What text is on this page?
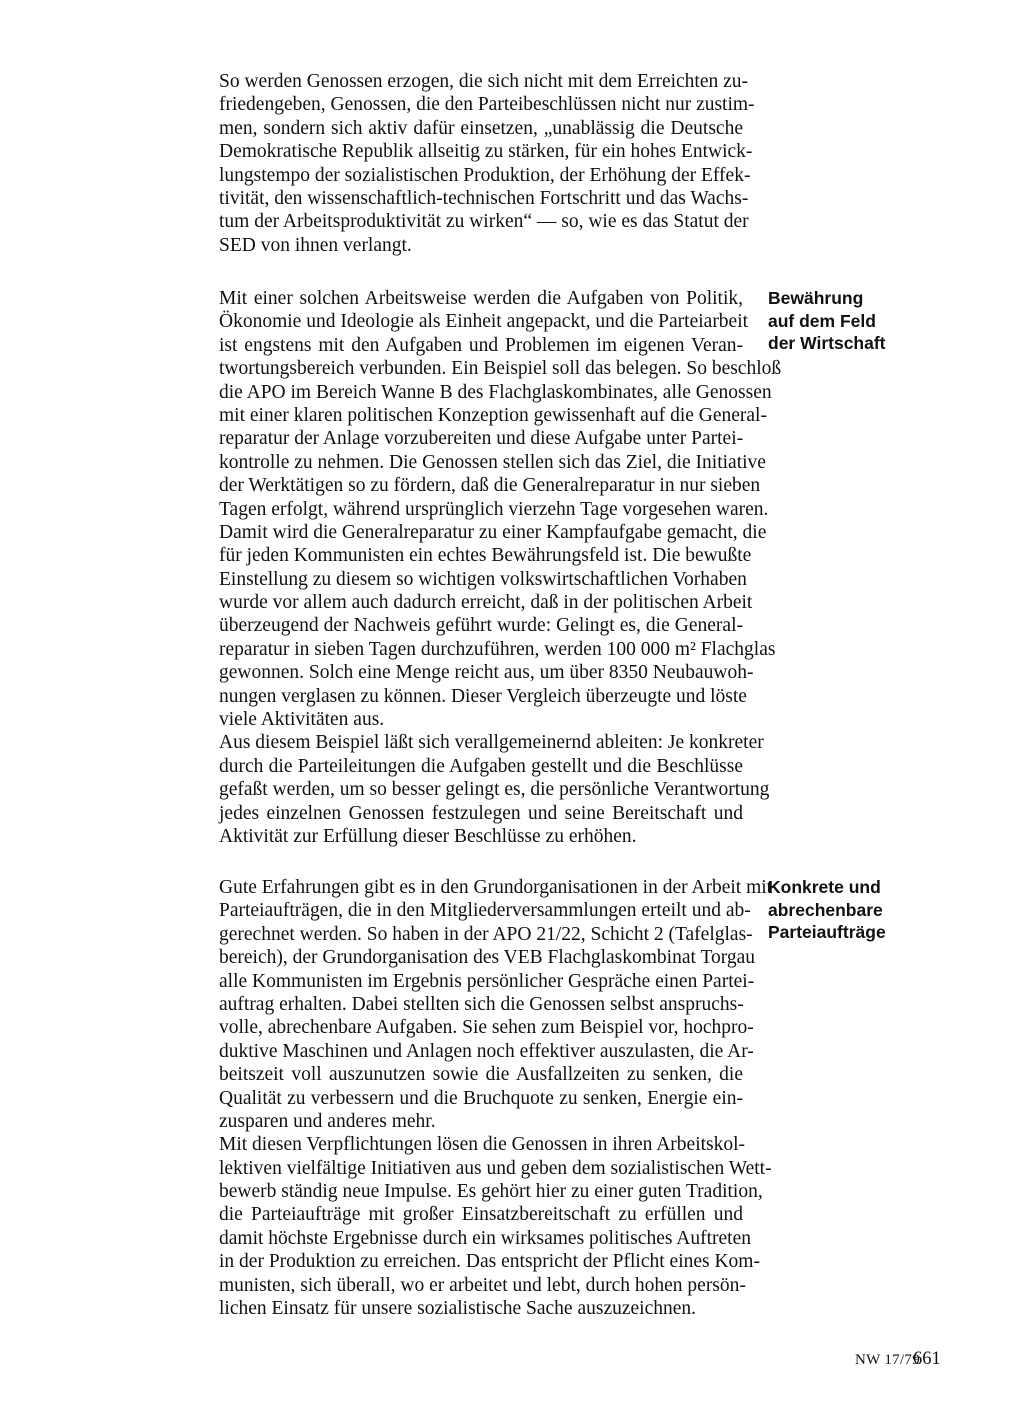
So werden Genossen erzogen, die sich nicht mit dem Erreichten zu-
friedengeben, Genossen, die den Parteibeschlüssen nicht nur zustim-
men, sondern sich aktiv dafür einsetzen, „unablässig die Deutsche
Demokratische Republik allseitig zu stärken, für ein hohes Entwick-
lungstempo der sozialistischen Produktion, der Erhöhung der Effek-
tivität, den wissenschaftlich-technischen Fortschritt und das Wachs-
tum der Arbeitsproduktivität zu wirken“ — so, wie es das Statut der
SED von ihnen verlangt.
Bewährung
auf dem Feld
der Wirtschaft
Mit einer solchen Arbeitsweise werden die Aufgaben von Politik,
Ökonomie und Ideologie als Einheit angepackt, und die Parteiarbeit
ist engstens mit den Aufgaben und Problemen im eigenen Veran-
twortungsbereich verbunden. Ein Beispiel soll das belegen. So beschloß
die APO im Bereich Wanne B des Flachglaskombinates, alle Genossen
mit einer klaren politischen Konzeption gewissenhaft auf die General-
reparatur der Anlage vorzubereiten und diese Aufgabe unter Partei-
kontrolle zu nehmen. Die Genossen stellen sich das Ziel, die Initiative
der Werktätigen so zu fördern, daß die Generalreparatur in nur sieben
Tagen erfolgt, während ursprünglich vierzehn Tage vorgesehen waren.
Damit wird die Generalreparatur zu einer Kampfaufgabe gemacht, die
für jeden Kommunisten ein echtes Bewährungsfeld ist. Die bewußte
Einstellung zu diesem so wichtigen volkswirtschaftlichen Vorhaben
wurde vor allem auch dadurch erreicht, daß in der politischen Arbeit
überzeugend der Nachweis geführt wurde: Gelingt es, die General-
reparatur in sieben Tagen durchzuführen, werden 100 000 m² Flachglas
gewonnen. Solch eine Menge reicht aus, um über 8350 Neubauwoh-
nungen verglasen zu können. Dieser Vergleich überzeugte und löste
viele Aktivitäten aus.
Aus diesem Beispiel läßt sich verallgemeinernd ableiten: Je konkreter
durch die Parteileitungen die Aufgaben gestellt und die Beschlüsse
gefaßt werden, um so besser gelingt es, die persönliche Verantwortung
jedes einzelnen Genossen festzulegen und seine Bereitschaft und
Aktivität zur Erfüllung dieser Beschlüsse zu erhöhen.
Konkrete und
abrechenbare
Parteiaufträge
Gute Erfahrungen gibt es in den Grundorganisationen in der Arbeit mit
Parteiaufträgen, die in den Mitgliederversammlungen erteilt und ab-
gerechnet werden. So haben in der APO 21/22, Schicht 2 (Tafelglas-
bereich), der Grundorganisation des VEB Flachglaskombinat Torgau
alle Kommunisten im Ergebnis persönlicher Gespräche einen Partei-
auftrag erhalten. Dabei stellten sich die Genossen selbst anspruchs-
volle, abrechenbare Aufgaben. Sie sehen zum Beispiel vor, hochpro-
duktive Maschinen und Anlagen noch effektiver auszulasten, die Ar-
beitszeit voll auszunutzen sowie die Ausfallzeiten zu senken, die
Qualität zu verbessern und die Bruchquote zu senken, Energie ein-
zusparen und anderes mehr.
Mit diesen Verpflichtungen lösen die Genossen in ihren Arbeitskol-
lektiven vielfältige Initiativen aus und geben dem sozialistischen Wett-
bewerb ständig neue Impulse. Es gehört hier zu einer guten Tradition,
die Parteiaufträge mit großer Einsatzbereitschaft zu erfüllen und
damit höchste Ergebnisse durch ein wirksames politisches Auftreten
in der Produktion zu erreichen. Das entspricht der Pflicht eines Kom-
munisten, sich überall, wo er arbeitet und lebt, durch hohen persön-
lichen Einsatz für unsere sozialistische Sache auszuzeichnen.
NW 17/79
661
